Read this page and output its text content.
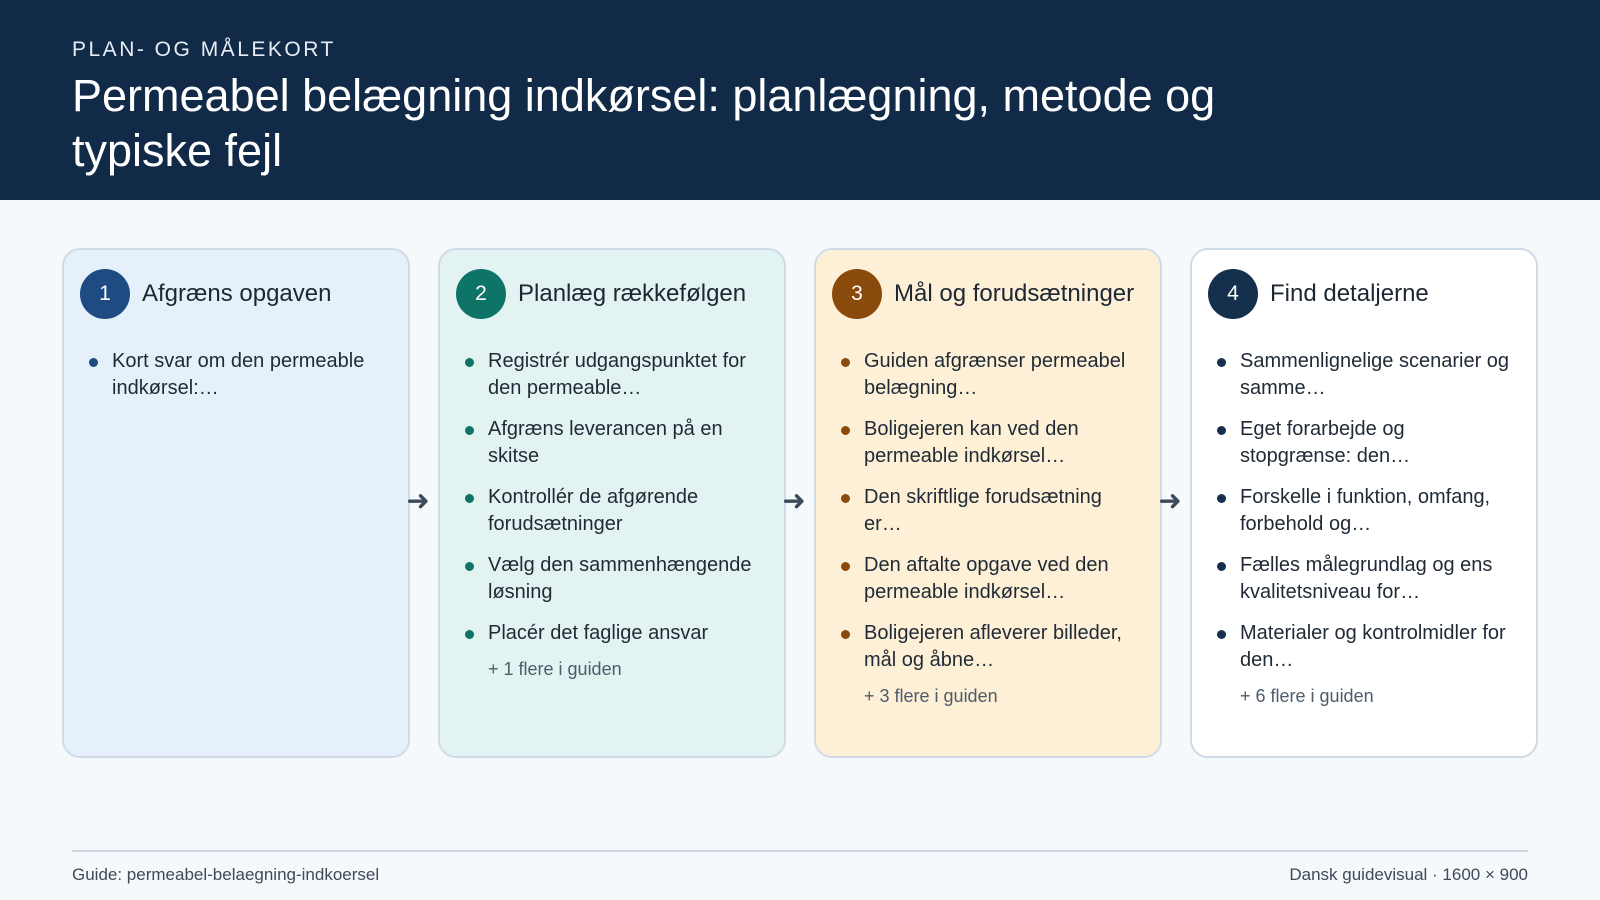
PLAN- OG MÅLEKORT
Permeabel belægning indkørsel: planlægning, metode og typiske fejl
1	Afgræns opgaven
Kort svar om den permeable indkørsel:…
➜
2	Planlæg rækkefølgen
Registrér udgangspunktet for den permeable…
Afgræns leverancen på en skitse
Kontrollér de afgørende forudsætninger
Vælg den sammenhængende løsning
Placér det faglige ansvar
+ 1 flere i guiden
➜
3	Mål og forudsætninger
Guiden afgrænser permeabel belægning…
Boligejeren kan ved den permeable indkørsel…
Den skriftlige forudsætning er…
Den aftalte opgave ved den permeable indkørsel…
Boligejeren afleverer billeder, mål og åbne…
+ 3 flere i guiden
➜
4	Find detaljerne
Sammenlignelige scenarier og samme…
Eget forarbejde og stopgrænse: den…
Forskelle i funktion, omfang, forbehold og…
Fælles målegrundlag og ens kvalitetsniveau for…
Materialer og kontrolmidler for den…
+ 6 flere i guiden
Guide: permeabel-belaegning-indkoersel	Dansk guidevisual · 1600 × 900
